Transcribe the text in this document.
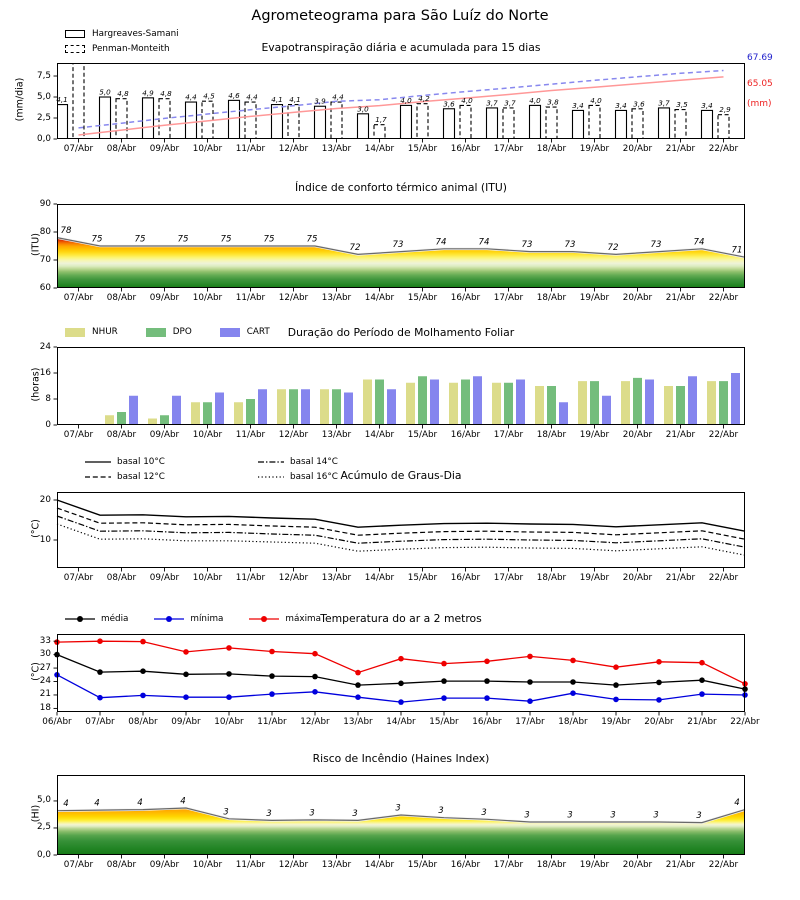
Agrometeograma para São Luíz do Norte
Evapotranspiração diária e acumulada para 15 dias
Hargreaves-Samani
Penman-Monteith
(mm/dia)
67.69
65.05
(mm)
Índice de conforto térmico animal (ITU)
(ITU)
Duração do Período de Molhamento Foliar
NHUR	DPO	CART
(horas)
Acúmulo de Graus-Dia
basal 10°C
basal 12°C
basal 14°C
basal 16°C
(°C)
Temperatura do ar a 2 metros
média	mínima	máxima
(°C)
Risco de Incêndio (Haines Index)
(HI)
4,1
5,0 4,8 4,9 4,8 4,4 4,5 4,6 4,4 4,1 4,1 3,9 4,4
3,0
1,7
4,0 4,2
3,6 4,0 3,7 3,7 4,0 3,8 3,4
4,0
3,4 3,6 3,7 3,5 3,4 2,9
78
75	75	75	75	75	75
72	73	74	74	73	73	72	73	74
71
4	4	4	4
3	3	3	3
3	3	3	3	3	3	3	3
4
0,0
2,5
5,0
7,5
07/Abr	08/Abr	09/Abr	10/Abr	11/Abr	12/Abr	13/Abr	14/Abr	15/Abr	16/Abr	17/Abr	18/Abr	19/Abr	20/Abr	21/Abr	22/Abr
60
70
80
90
07/Abr	08/Abr	09/Abr	10/Abr	11/Abr	12/Abr	13/Abr	14/Abr	15/Abr	16/Abr	17/Abr	18/Abr	19/Abr	20/Abr	21/Abr	22/Abr
0
8
16
24
07/Abr	08/Abr	09/Abr	10/Abr	11/Abr	12/Abr	13/Abr	14/Abr	15/Abr	16/Abr	17/Abr	18/Abr	19/Abr	20/Abr	21/Abr	22/Abr
10
20
07/Abr	08/Abr	09/Abr	10/Abr	11/Abr	12/Abr	13/Abr	14/Abr	15/Abr	16/Abr	17/Abr	18/Abr	19/Abr	20/Abr	21/Abr	22/Abr
18
21
24
27
30
33
06/Abr	07/Abr	08/Abr	09/Abr	10/Abr	11/Abr	12/Abr	13/Abr	14/Abr	15/Abr	16/Abr	17/Abr	18/Abr	19/Abr	20/Abr	21/Abr	22/Abr
0,0
2,5
5,0
07/Abr	08/Abr	09/Abr	10/Abr	11/Abr	12/Abr	13/Abr	14/Abr	15/Abr	16/Abr	17/Abr	18/Abr	19/Abr	20/Abr	21/Abr	22/Abr
